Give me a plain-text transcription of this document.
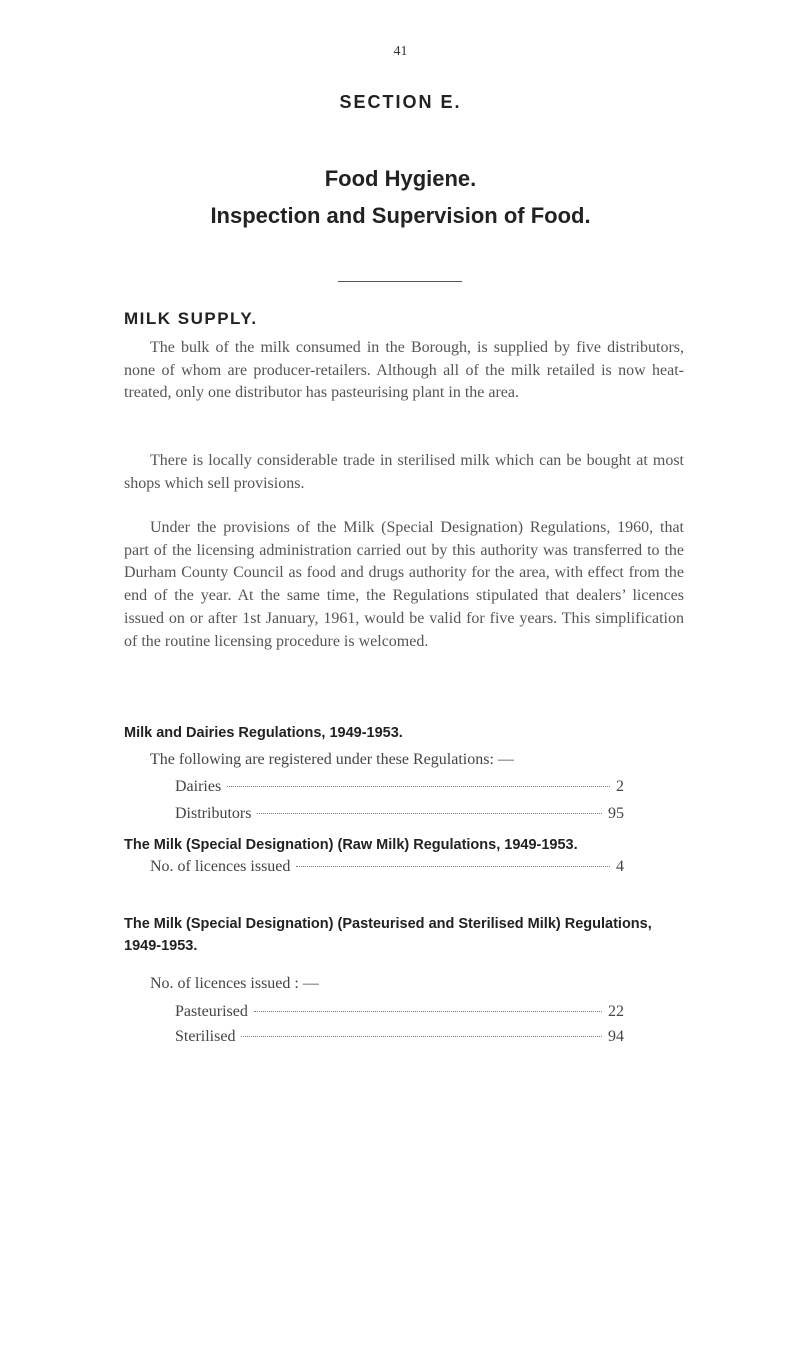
41
SECTION E.
Food Hygiene.
Inspection and Supervision of Food.
MILK SUPPLY.

The bulk of the milk consumed in the Borough, is supplied by five distributors, none of whom are producer-retailers. Although all of the milk retailed is now heat-treated, only one distributor has pasteurising plant in the area.

There is locally considerable trade in sterilised milk which can be bought at most shops which sell provisions.

Under the provisions of the Milk (Special Designation) Regulations, 1960, that part of the licensing administration carried out by this authority was transferred to the Durham County Council as food and drugs authority for the area, with effect from the end of the year. At the same time, the Regulations stipulated that dealers’ licences issued on or after 1st January, 1961, would be valid for five years. This simplification of the routine licensing procedure is welcomed.

Milk and Dairies Regulations, 1949-1953.
The following are registered under these Regulations: —
Dairies	2
Distributors	95
The Milk (Special Designation) (Raw Milk) Regulations, 1949-1953.
No. of licences issued	4
The Milk (Special Designation) (Pasteurised and Sterilised Milk) Regulations, 1949-1953.
No. of licences issued : —
Pasteurised	22
Sterilised	94
